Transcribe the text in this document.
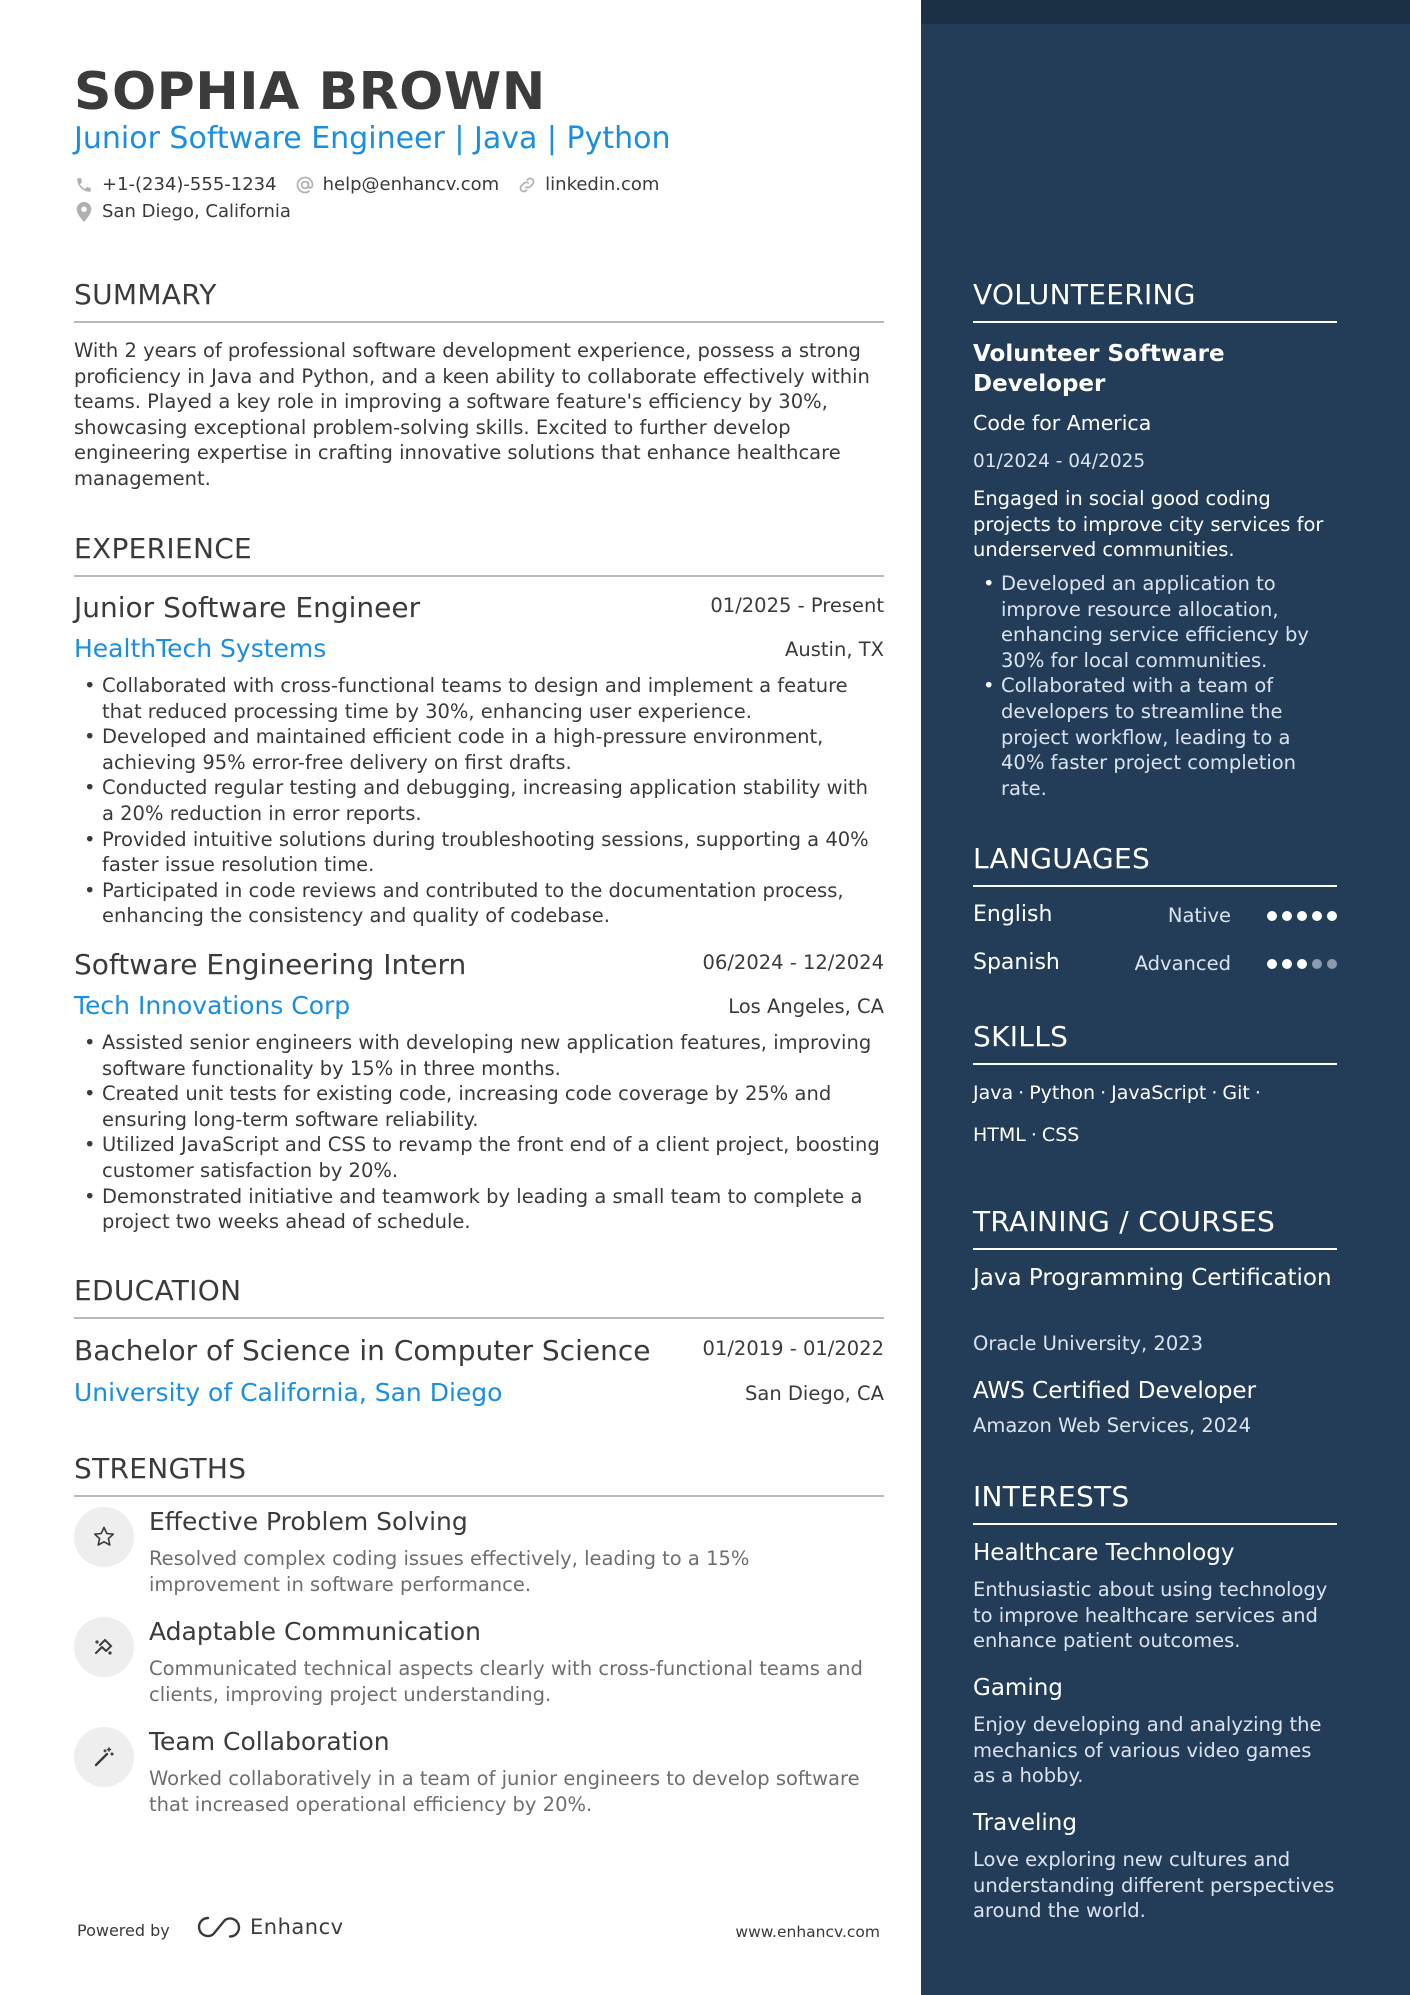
SOPHIA BROWN
Junior Software Engineer | Java | Python
+1-(234)-555-1234	help@enhancv.com	linkedin.com
San Diego, California
SUMMARY
With 2 years of professional software development experience, possess a strong proficiency in Java and Python, and a keen ability to collaborate effectively within teams. Played a key role in improving a software feature's efficiency by 30%, showcasing exceptional problem-solving skills. Excited to further develop engineering expertise in crafting innovative solutions that enhance healthcare management.
EXPERIENCE
Junior Software Engineer	01/2025 - Present
HealthTech Systems	Austin, TX
• Collaborated with cross-functional teams to design and implement a feature that reduced processing time by 30%, enhancing user experience.
• Developed and maintained efficient code in a high-pressure environment, achieving 95% error-free delivery on first drafts.
• Conducted regular testing and debugging, increasing application stability with a 20% reduction in error reports.
• Provided intuitive solutions during troubleshooting sessions, supporting a 40% faster issue resolution time.
• Participated in code reviews and contributed to the documentation process, enhancing the consistency and quality of codebase.
Software Engineering Intern	06/2024 - 12/2024
Tech Innovations Corp	Los Angeles, CA
• Assisted senior engineers with developing new application features, improving software functionality by 15% in three months.
• Created unit tests for existing code, increasing code coverage by 25% and ensuring long-term software reliability.
• Utilized JavaScript and CSS to revamp the front end of a client project, boosting customer satisfaction by 20%.
• Demonstrated initiative and teamwork by leading a small team to complete a project two weeks ahead of schedule.
EDUCATION
Bachelor of Science in Computer Science	01/2019 - 01/2022
University of California, San Diego	San Diego, CA
STRENGTHS
Effective Problem Solving
Resolved complex coding issues effectively, leading to a 15% improvement in software performance.
Adaptable Communication
Communicated technical aspects clearly with cross-functional teams and clients, improving project understanding.
Team Collaboration
Worked collaboratively in a team of junior engineers to develop software that increased operational efficiency by 20%.
Powered by	Enhancv	www.enhancv.com
VOLUNTEERING
Volunteer Software Developer
Code for America
01/2024 - 04/2025
Engaged in social good coding projects to improve city services for underserved communities.
• Developed an application to improve resource allocation, enhancing service efficiency by 30% for local communities.
• Collaborated with a team of developers to streamline the project workflow, leading to a 40% faster project completion rate.
LANGUAGES
English	Native
Spanish	Advanced
SKILLS
Java · Python · JavaScript · Git ·
HTML · CSS
TRAINING / COURSES
Java Programming Certification
Oracle University, 2023
AWS Certified Developer
Amazon Web Services, 2024
INTERESTS
Healthcare Technology
Enthusiastic about using technology to improve healthcare services and enhance patient outcomes.
Gaming
Enjoy developing and analyzing the mechanics of various video games as a hobby.
Traveling
Love exploring new cultures and understanding different perspectives around the world.
